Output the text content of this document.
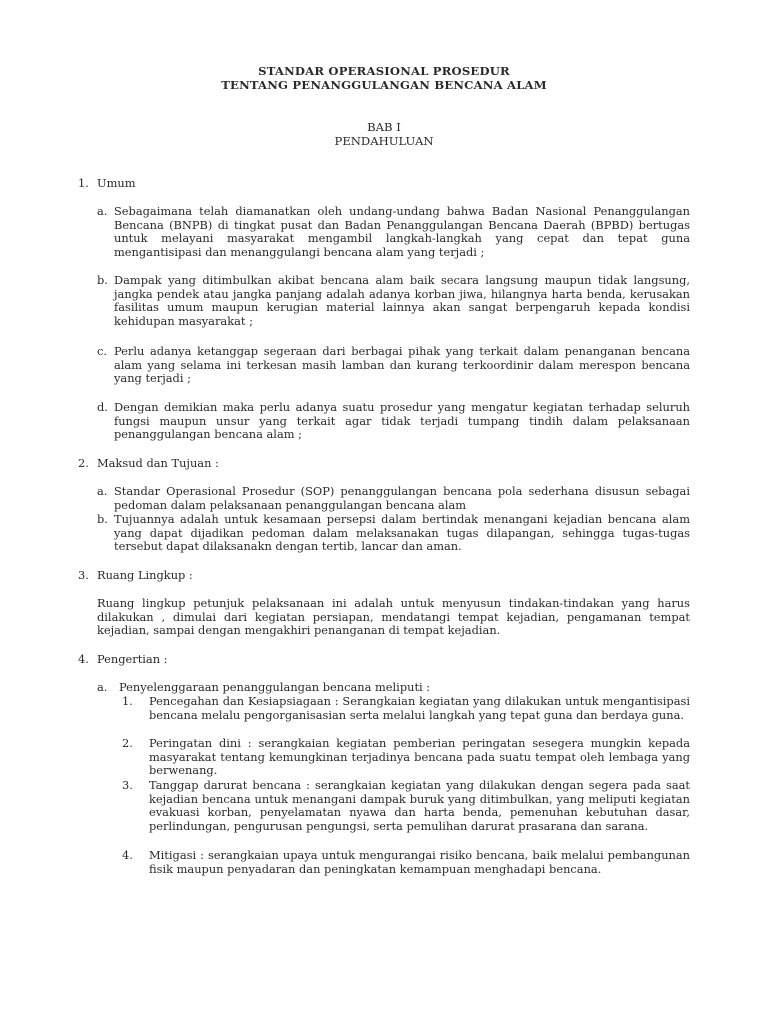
STANDAR OPERASIONAL PROSEDUR
TENTANG PENANGGULANGAN BENCANA ALAM
BAB I
PENDAHULUAN
1. Umum
a. Sebagaimana telah diamanatkan oleh undang-undang bahwa Badan Nasional Penanggulangan Bencana (BNPB) di tingkat pusat dan Badan Penanggulangan Bencana Daerah (BPBD) bertugas untuk melayani masyarakat mengambil langkah-langkah yang cepat dan tepat guna mengantisipasi dan menanggulangi bencana alam yang terjadi ;
b. Dampak yang ditimbulkan akibat bencana alam baik secara langsung maupun tidak langsung, jangka pendek atau jangka panjang adalah adanya korban jiwa, hilangnya harta benda, kerusakan fasilitas umum maupun kerugian material lainnya akan sangat berpengaruh kepada kondisi kehidupan masyarakat ;
c. Perlu adanya ketanggap segeraan dari berbagai pihak yang terkait dalam penanganan bencana alam yang selama ini terkesan masih lamban dan kurang terkoordinir dalam merespon bencana yang terjadi ;
d. Dengan demikian maka perlu adanya suatu prosedur yang mengatur kegiatan terhadap seluruh fungsi maupun unsur yang terkait agar tidak terjadi tumpang tindih dalam pelaksanaan penanggulangan bencana alam ;
2. Maksud dan Tujuan :
a. Standar Operasional Prosedur (SOP) penanggulangan bencana pola sederhana disusun sebagai pedoman dalam pelaksanaan penanggulangan bencana alam
b. Tujuannya adalah untuk kesamaan persepsi dalam bertindak menangani kejadian bencana alam yang dapat dijadikan pedoman dalam melaksanakan tugas dilapangan, sehingga tugas-tugas tersebut dapat dilaksanakn dengan tertib, lancar dan aman.
3. Ruang Lingkup :
Ruang lingkup petunjuk pelaksanaan ini adalah untuk menyusun tindakan-tindakan yang harus dilakukan , dimulai dari kegiatan persiapan, mendatangi tempat kejadian, pengamanan tempat kejadian, sampai dengan mengakhiri penanganan di tempat kejadian.
4. Pengertian :
a. Penyelenggaraan penanggulangan bencana meliputi :
1. Pencegahan dan Kesiapsiagaan : Serangkaian kegiatan yang dilakukan untuk mengantisipasi bencana melalu pengorganisasian serta melalui langkah yang tepat guna dan berdaya guna.
2. Peringatan dini : serangkaian kegiatan pemberian peringatan sesegera mungkin kepada masyarakat tentang kemungkinan terjadinya bencana pada suatu tempat oleh lembaga yang berwenang.
3. Tanggap darurat bencana : serangkaian kegiatan yang dilakukan dengan segera pada saat kejadian bencana untuk menangani dampak buruk yang ditimbulkan, yang meliputi kegiatan evakuasi korban, penyelamatan nyawa dan harta benda, pemenuhan kebutuhan dasar, perlindungan, pengurusan pengungsi, serta pemulihan darurat prasarana dan sarana.
4. Mitigasi : serangkaian upaya untuk mengurangai risiko bencana, baik melalui pembangunan fisik maupun penyadaran dan peningkatan kemampuan menghadapi bencana.
